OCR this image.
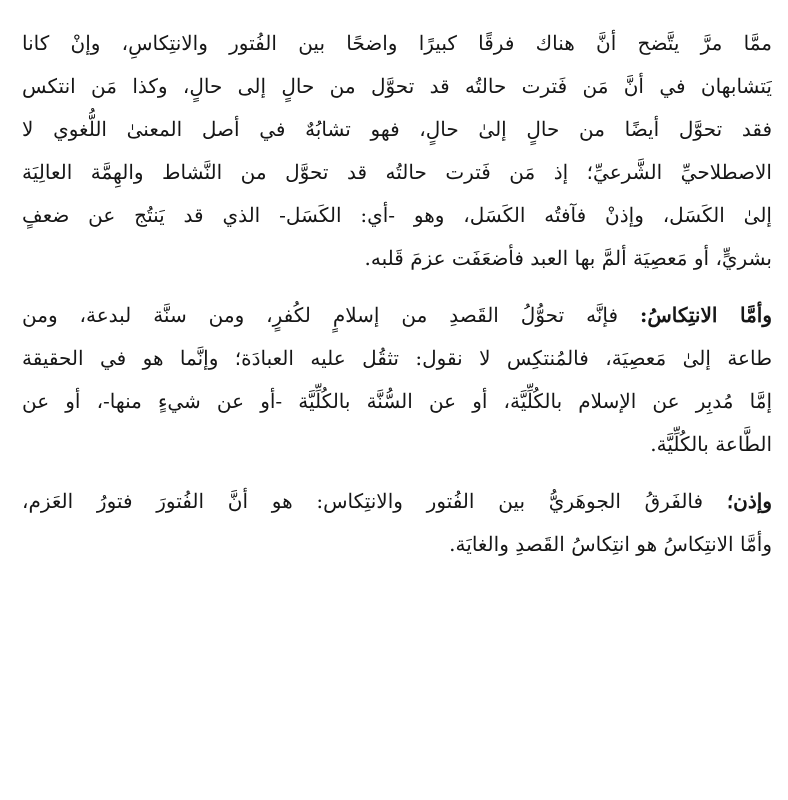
ممَّا مرَّ يتَّضح أنَّ هناك فرقًا كبيرًا واضحًا بين الفُتور والانتِكاسِ، وإنْ كانا
يَتشابهان في أنَّ مَن فَترت حالتُه قد تحوَّل من حالٍ إلى حالٍ، وكذا مَن انتكس
فقد تحوَّل أيضًا من حالٍ إلىٰ حالٍ، فهو تشابُهٌ في أصل المعنىٰ اللُّغوي لا
الاصطلاحيِّ الشَّرعيِّ؛ إذ مَن فَترت حالتُه قد تحوَّل من النَّشاط والهِمَّة العالِيَة
إلىٰ الكَسَل، وإذنْ فآفتُه الكَسَل، وهو -أي: الكَسَل- الذي قد يَنتُج عن ضعفٍ
بشريٍّ، أو مَعصِيَة ألمَّ بها العبد فأضعَفَت عزمَ قَلبه.
وأمَّا الانتِكاسُ: فإنَّه تحوُّلُ القَصدِ من إسلامٍ لكُفرٍ، ومن سنَّة لبدعة، ومن
طاعة إلىٰ مَعصِيَة، فالمُنتكِس لا نقول: تثقُل عليه العبادَة؛ وإنَّما هو في الحقيقة
إمَّا مُدبِر عن الإسلام بالكُلِّيَّة، أو عن السُّنَّة بالكُلِّيَّة -أو عن شيءٍ منها-، أو عن
الطَّاعة بالكُلِّيَّة.
وإذن؛ فالفَرقُ الجوهَريُّ بين الفُتور والانتِكاس: هو أنَّ الفُتورَ فتورُ العَزم،
وأمَّا الانتِكاسُ هو انتِكاسُ القَصدِ والغايَة.
